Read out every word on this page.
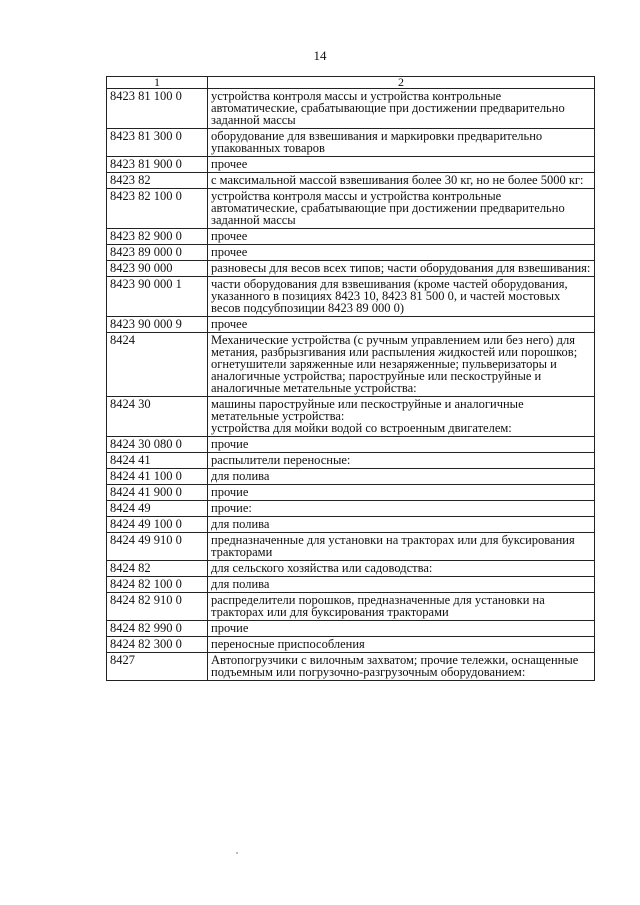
14
1	2
8423 81 100 0	устройства контроля массы и устройства контрольные автоматические, срабатывающие при достижении предварительно заданной массы
8423 81 300 0	оборудование для взвешивания и маркировки предварительно упакованных товаров
8423 81 900 0	прочее
8423 82	с максимальной массой взвешивания более 30 кг, но не более 5000 кг:
8423 82 100 0	устройства контроля массы и устройства контрольные автоматические, срабатывающие при достижении предварительно заданной массы
8423 82 900 0	прочее
8423 89 000 0	прочее
8423 90 000	разновесы для весов всех типов; части оборудования для взвешивания:
8423 90 000 1	части оборудования для взвешивания (кроме частей оборудования, указанного в позициях 8423 10, 8423 81 500 0, и частей мостовых весов подсубпозиции 8423 89 000 0)
8423 90 000 9	прочее
8424	Механические устройства (с ручным управлением или без него) для метания, разбрызгивания или распыления жидкостей или порошков; огнетушители заряженные или незаряженные; пульверизаторы и аналогичные устройства; пароструйные или пескоструйные и аналогичные метательные устройства:
8424 30	машины пароструйные или пескоструйные и аналогичные метательные устройства:
устройства для мойки водой со встроенным двигателем:
8424 30 080 0	прочие
8424 41	распылители переносные:
8424 41 100 0	для полива
8424 41 900 0	прочие
8424 49	прочие:
8424 49 100 0	для полива
8424 49 910 0	предназначенные для установки на тракторах или для буксирования тракторами
8424 82	для сельского хозяйства или садоводства:
8424 82 100 0	для полива
8424 82 910 0	распределители порошков, предназначенные для установки на тракторах или для буксирования тракторами
8424 82 990 0	прочие
8424 82 300 0	переносные приспособления
8427	Автопогрузчики с вилочным захватом; прочие тележки, оснащенные подъемным или погрузочно-разгрузочным оборудованием:
